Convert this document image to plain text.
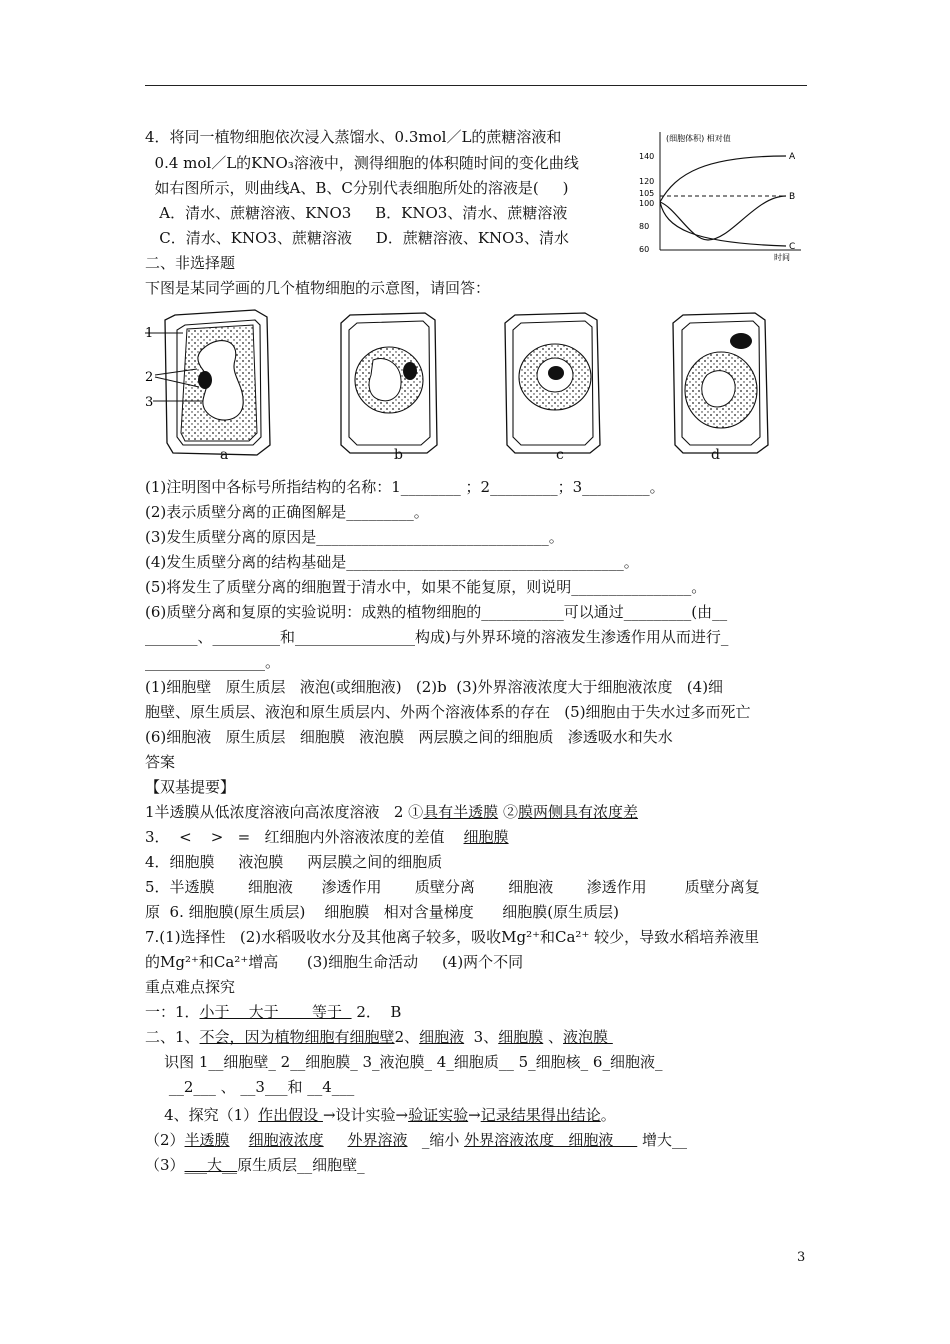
4．将同一植物细胞依次浸入蒸馏水、0.3mol／L的蔗糖溶液和
0.4 mol／L的KNO₃溶液中，测得细胞的体积随时间的变化曲线
如右图所示，则曲线A、B、C分别代表细胞所处的溶液是(     )
A．清水、蔗糖溶液、KNO3     B．KNO3、清水、蔗糖溶液
C．清水、KNO3、蔗糖溶液     D．蔗糖溶液、KNO3、清水
(细胞体积) 相对值
时间
140
120
105
100
80
60
A
B
C
二、非选择题
下图是某同学画的几个植物细胞的示意图，请回答：
1
2
3
a	b	c	d
(1)注明图中各标号所指结构的名称：1________ ；2_________；3_________。
(2)表示质壁分离的正确图解是_________。
(3)发生质壁分离的原因是_______________________________。
(4)发生质壁分离的结构基础是_____________________________________。
(5)将发生了质壁分离的细胞置于清水中，如果不能复原，则说明________________。
(6)质壁分离和复原的实验说明：成熟的植物细胞的___________可以通过_________(由__
_______、_________和________________构成)与外界环境的溶液发生渗透作用从而进行_
________________。
(1)细胞壁   原生质层   液泡(或细胞液)   (2)b  (3)外界溶液浓度大于细胞液浓度   (4)细
胞壁、原生质层、液泡和原生质层内、外两个溶液体系的存在   (5)细胞由于失水过多而死亡
(6)细胞液   原生质层   细胞膜   液泡膜   两层膜之间的细胞质   渗透吸水和失水
答案
【双基提要】
1半透膜从低浓度溶液向高浓度溶液   2 ①具有半透膜 ②膜两侧具有浓度差
3．  <    >   =   红细胞内外溶液浓度的差值    细胞膜
4．细胞膜     液泡膜     两层膜之间的细胞质
5．半透膜       细胞液      渗透作用       质壁分离       细胞液       渗透作用        质壁分离复
原  6. 细胞膜(原生质层)    细胞膜   相对含量梯度      细胞膜(原生质层)
7.(1)选择性   (2)水稻吸收水分及其他离子较多，吸收Mg²⁺和Ca²⁺ 较少，导致水稻培养液里
的Mg²⁺和Ca²⁺增高      (3)细胞生命活动     (4)两个不同
重点难点探究
一：1．小于    大于       等于   2．  B
二、1、不会，因为植物细胞有细胞壁2、细胞液  3、细胞膜 、液泡膜
识图 1__细胞壁_ 2__细胞膜_ 3_液泡膜_ 4_细胞质__ 5_细胞核_ 6_细胞液_
__2___ 、 __3___和 __4___
4、探究（1）作出假设 →设计实验→验证实验→记录结果得出结论。
（2）半透膜 细胞液浓度 外界溶液   _缩小 外界溶液浓度   细胞液      增大__
（3）___大__原生质层__细胞壁_
3
